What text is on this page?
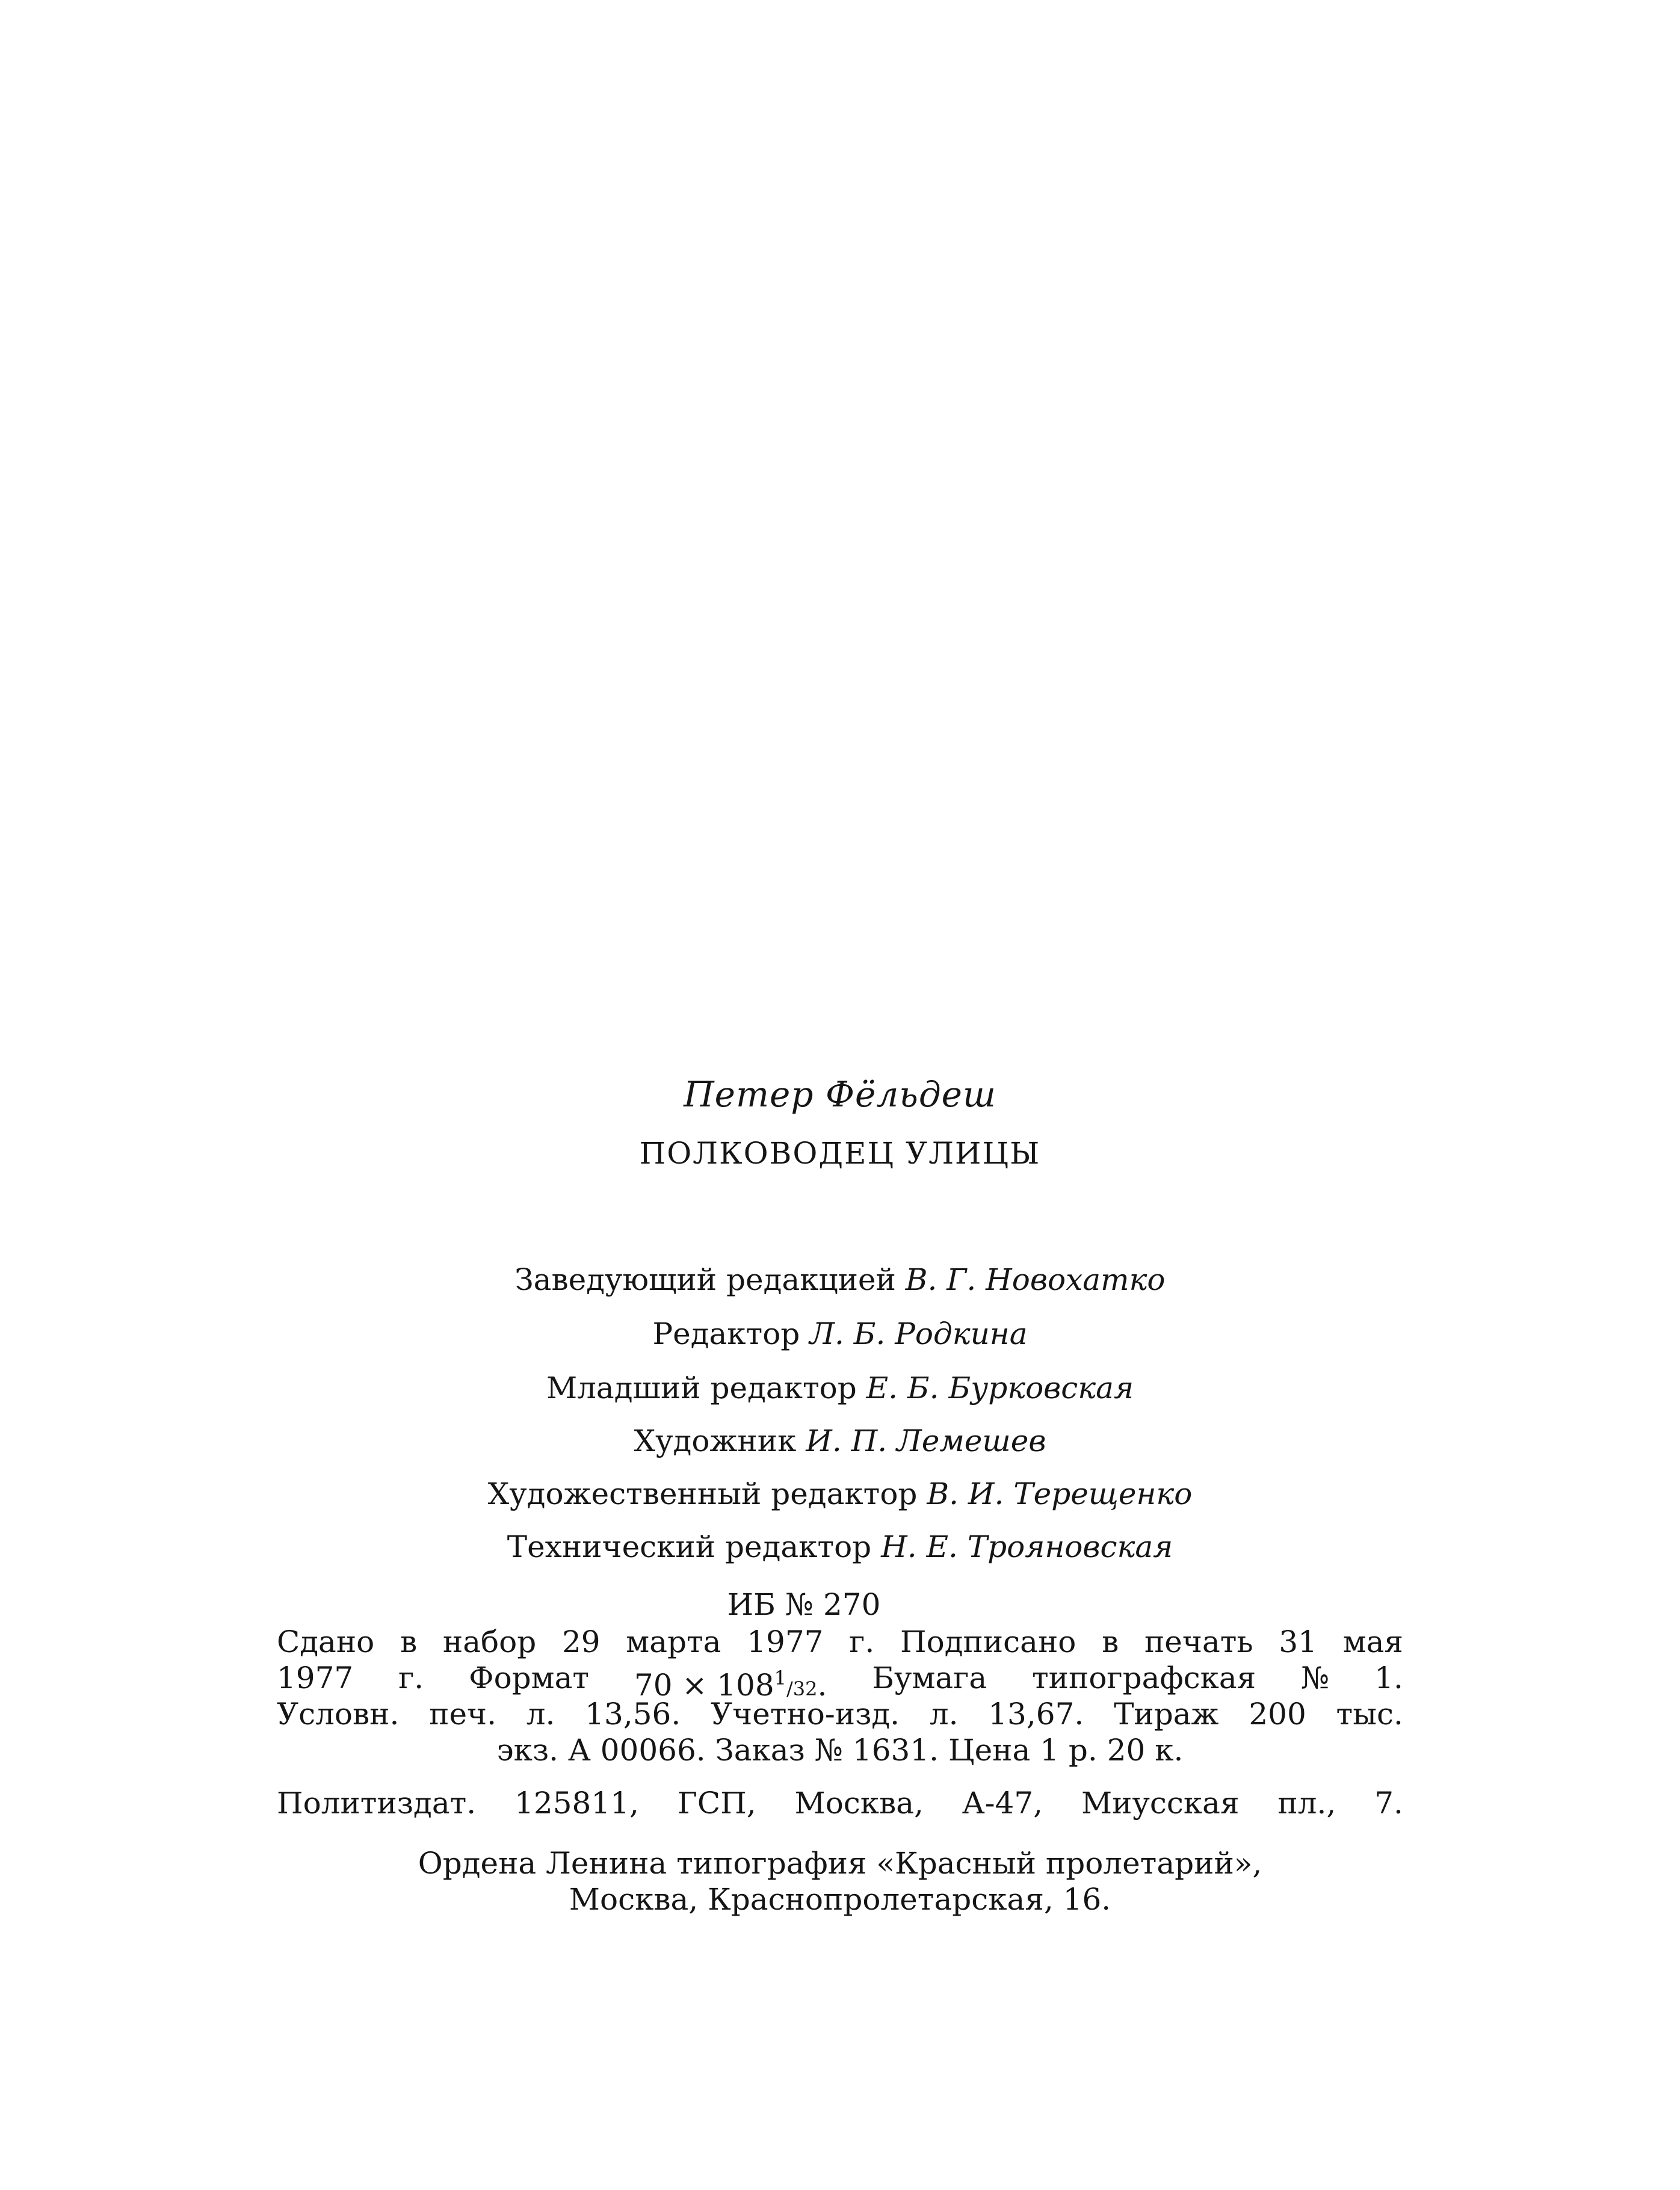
Петер Фёльдеш
ПОЛКОВОДЕЦ УЛИЦЫ
Заведующий редакцией В. Г. Новохатко
Редактор Л. Б. Родкина
Младший редактор Е. Б. Бурковская
Художник И. П. Лемешев
Художественный редактор В. И. Терещенко
Технический редактор Н. Е. Трояновская
ИБ № 270
Сдано в набор 29 марта 1977 г. Подписано в печать 31 мая
1977 г. Формат 70 × 1081/32. Бумага типографская № 1.
Условн. печ. л. 13,56. Учетно-изд. л. 13,67. Тираж 200 тыс.
экз. А 00066. Заказ № 1631. Цена 1 р. 20 к.
Политиздат. 125811, ГСП, Москва, А-47, Миусская пл., 7.
Ордена Ленина типография «Красный пролетарий»,
Москва, Краснопролетарская, 16.
